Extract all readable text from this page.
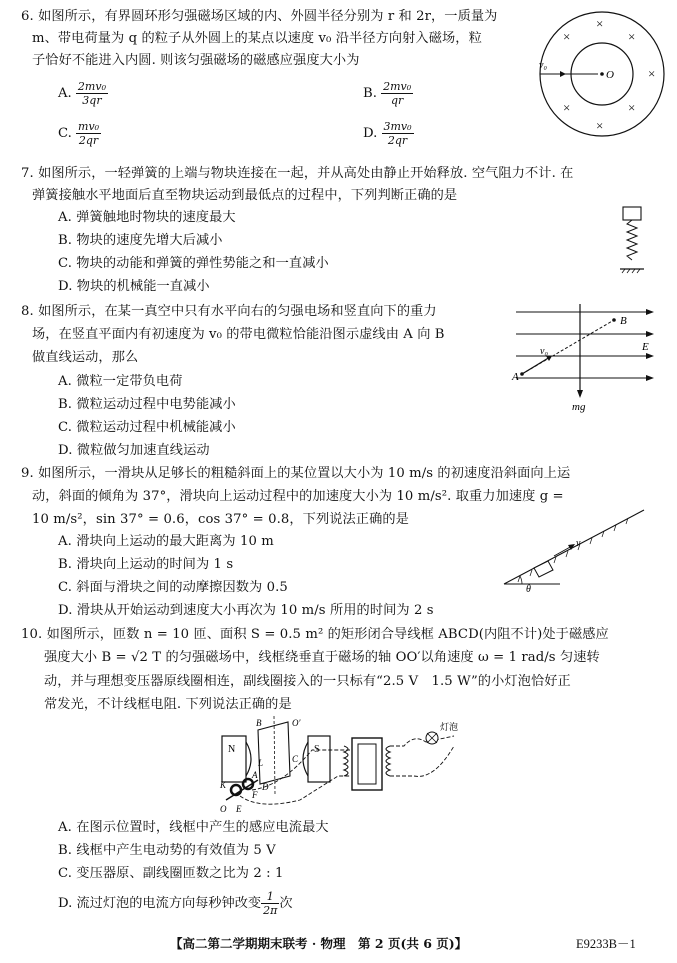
6. 如图所示，有界圆环形匀强磁场区域的内、外圆半径分别为 r 和 2r，一质量为
m、带电荷量为 q 的粒子从外圆上的某点以速度 v₀ 沿半径方向射入磁场，粒
子恰好不能进入内圆. 则该匀强磁场的磁感应强度大小为
A. $\frac{\text{2mv₀}}{3qr}$	B. $\frac{\text{2mv₀}}{qr}$
C. $\frac{\text{mv₀}}{2qr}$	D. $\frac{\text{3mv₀}}{2qr}$
×
×	×
×
×	×
×
v₀
O
7. 如图所示，一轻弹簧的上端与物块连接在一起，并从高处由静止开始释放. 空气阻力不计. 在
弹簧接触水平地面后直至物块运动到最低点的过程中，下列判断正确的是
A. 弹簧触地时物块的速度最大
B. 物块的速度先增大后减小
C. 物块的动能和弹簧的弹性势能之和一直减小
D. 物块的机械能一直减小
8. 如图所示，在某一真空中只有水平向右的匀强电场和竖直向下的重力
场，在竖直平面内有初速度为 v₀ 的带电微粒恰能沿图示虚线由 A 向 B
做直线运动，那么
A. 微粒一定带负电荷
B. 微粒运动过程中电势能减小
C. 微粒运动过程中机械能减小
D. 微粒做匀加速直线运动
A
B
E
v₀
mg
9. 如图所示，一滑块从足够长的粗糙斜面上的某位置以大小为 10 m/s 的初速度沿斜面向上运
动，斜面的倾角为 37°，滑块向上运动过程中的加速度大小为 10 m/s². 取重力加速度 g =
10 m/s²，sin 37° = 0.6，cos 37° = 0.8，下列说法正确的是
A. 滑块向上运动的最大距离为 10 m
B. 滑块向上运动的时间为 1 s
C. 斜面与滑块之间的动摩擦因数为 0.5
D. 滑块从开始运动到速度大小再次为 10 m/s 所用的时间为 2 s
v
θ
10. 如图所示，匝数 n = 10 匝、面积 S = 0.5 m² 的矩形闭合导线框 ABCD(内阻不计)处于磁感应
强度大小 B = √2 T 的匀强磁场中，线框绕垂直于磁场的轴 OO′以角速度 ω = 1 rad/s 匀速转
动，并与理想变压器原线圈相连，副线圈接入的一只标有“2.5 V　1.5 W”的小灯泡恰好正
常发光，不计线框电阻. 下列说法正确的是
N	S
B	O′
C
A
D
K
O E
F
L
灯泡
A. 在图示位置时，线框中产生的感应电流最大
B. 线框中产生电动势的有效值为 5 V
C. 变压器原、副线圈匝数之比为 2 : 1
D. 流过灯泡的电流方向每秒钟改变 $\frac{1}{2\pi}$ 次
【高二第二学期期末联考 · 物理　第 2 页(共 6 页)】	E9233B－1
